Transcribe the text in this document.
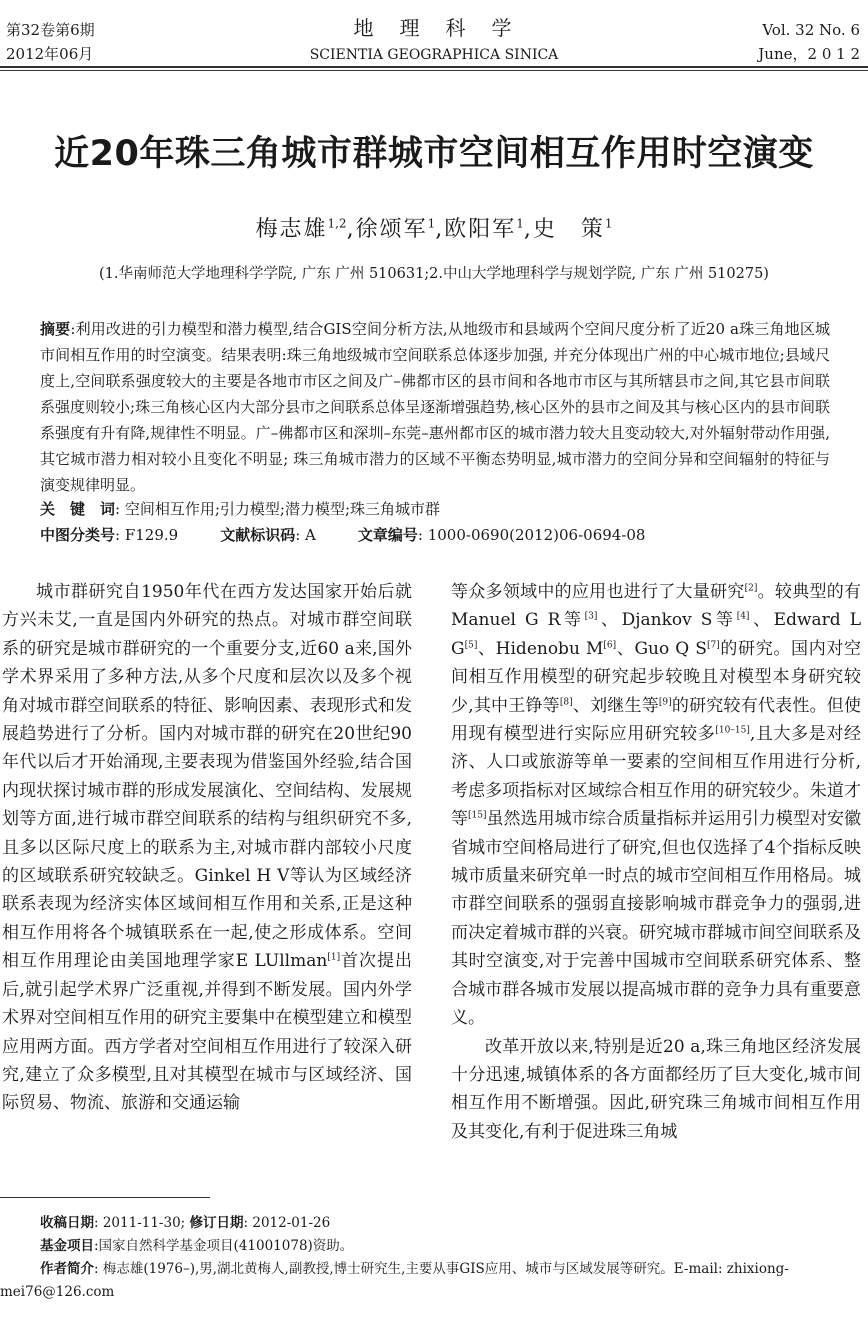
第32卷第6期
2012年06月
地　理　科　学
SCIENTIA GEOGRAPHICA SINICA
Vol. 32 No. 6
June，2 0 1 2
近20年珠三角城市群城市空间相互作用时空演变
梅志雄$^{1,2}$,徐颂军$^1$,欧阳军$^1$,史　策$^1$
(1.华南师范大学地理科学学院, 广东 广州 510631;2.中山大学地理科学与规划学院, 广东 广州 510275)
摘要:利用改进的引力模型和潜力模型,结合GIS空间分析方法,从地级市和县域两个空间尺度分析了近20 a珠三角地区城市间相互作用的时空演变。结果表明:珠三角地级城市空间联系总体逐步加强, 并充分体现出广州的中心城市地位;县域尺度上,空间联系强度较大的主要是各地市市区之间及广–佛都市区的县市间和各地市市区与其所辖县市之间,其它县市间联系强度则较小;珠三角核心区内大部分县市之间联系总体呈逐渐增强趋势,核心区外的县市之间及其与核心区内的县市间联系强度有升有降,规律性不明显。广–佛都市区和深圳–东莞–惠州都市区的城市潜力较大且变动较大,对外辐射带动作用强,其它城市潜力相对较小且变化不明显; 珠三角城市潜力的区域不平衡态势明显,城市潜力的空间分异和空间辐射的特征与演变规律明显。
关　键　词: 空间相互作用;引力模型;潜力模型;珠三角城市群
中图分类号: F129.9	文献标识码: A	文章编号: 1000-0690(2012)06-0694-08

城市群研究自1950年代在西方发达国家开始后就方兴未艾,一直是国内外研究的热点。对城市群空间联系的研究是城市群研究的一个重要分支,近60 a来,国外学术界采用了多种方法,从多个尺度和层次以及多个视角对城市群空间联系的特征、影响因素、表现形式和发展趋势进行了分析。国内对城市群的研究在20世纪90年代以后才开始涌现,主要表现为借鉴国外经验,结合国内现状探讨城市群的形成发展演化、空间结构、发展规划等方面,进行城市群空间联系的结构与组织研究不多,且多以区际尺度上的联系为主,对城市群内部较小尺度的区域联系研究较缺乏。Ginkel H V等认为区域经济联系表现为经济实体区域间相互作用和关系,正是这种相互作用将各个城镇联系在一起,使之形成体系。空间相互作用理论由美国地理学家E LUllman[1]首次提出后,就引起学术界广泛重视,并得到不断发展。国内外学术界对空间相互作用的研究主要集中在模型建立和模型应用两方面。西方学者对空间相互作用进行了较深入研究,建立了众多模型,且对其模型在城市与区域经济、国际贸易、物流、旅游和交通运输

等众多领域中的应用也进行了大量研究[2]。较典型的有Manuel G R等[3]、Djankov S等[4]、Edward L G[5]、Hidenobu M[6]、Guo Q S[7]的研究。国内对空间相互作用模型的研究起步较晚且对模型本身研究较少,其中王铮等[8]、刘继生等[9]的研究较有代表性。但使用现有模型进行实际应用研究较多[10–15],且大多是对经济、人口或旅游等单一要素的空间相互作用进行分析,考虑多项指标对区域综合相互作用的研究较少。朱道才等[15]虽然选用城市综合质量指标并运用引力模型对安徽省城市空间格局进行了研究,但也仅选择了4个指标反映城市质量来研究单一时点的城市空间相互作用格局。城市群空间联系的强弱直接影响城市群竞争力的强弱,进而决定着城市群的兴衰。研究城市群城市间空间联系及其时空演变,对于完善中国城市空间联系研究体系、整合城市群各城市发展以提高城市群的竞争力具有重要意义。

改革开放以来,特别是近20 a,珠三角地区经济发展十分迅速,城镇体系的各方面都经历了巨大变化,城市间相互作用不断增强。因此,研究珠三角城市间相互作用及其变化,有利于促进珠三角城

收稿日期: 2011-11-30; 修订日期: 2012-01-26
基金项目:国家自然科学基金项目(41001078)资助。
作者简介: 梅志雄(1976–),男,湖北黄梅人,副教授,博士研究生,主要从事GIS应用、城市与区域发展等研究。E-mail: zhixiong-mei76@126.com
